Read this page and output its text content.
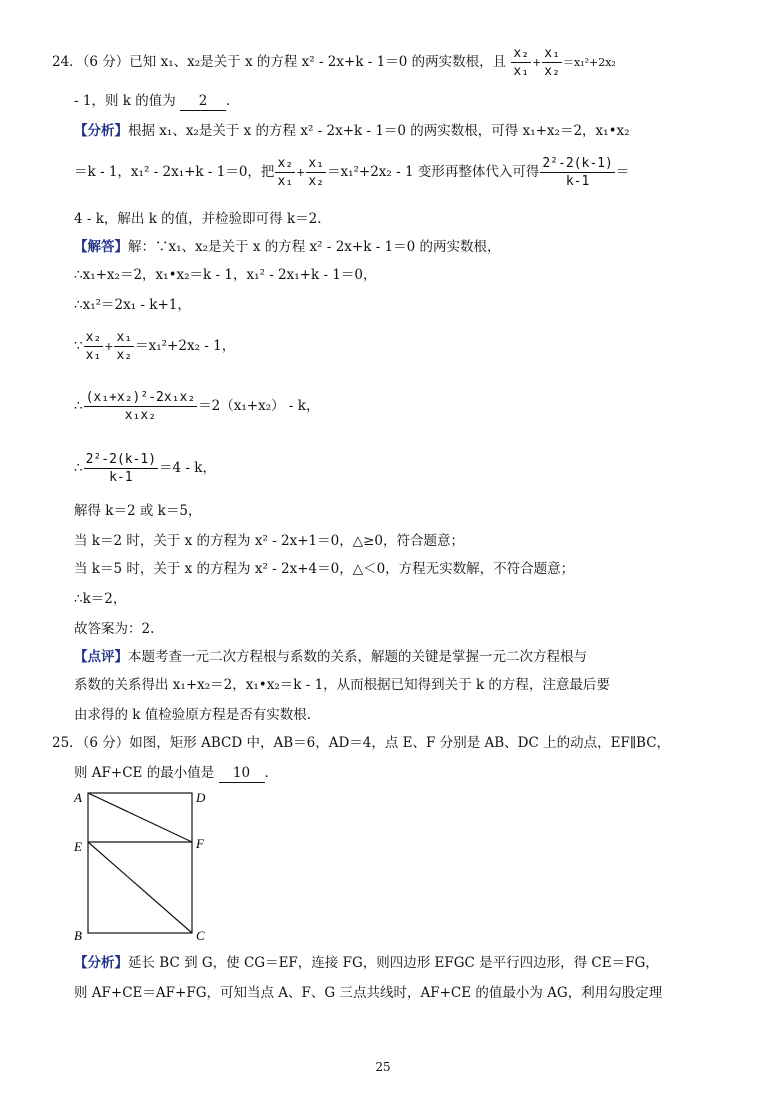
24．（6 分）已知 x₁、x₂是关于 x 的方程 x² - 2x+k - 1＝0 的两实数根，且 $\frac{\text{x₂}}{\text{x₁}} + \frac{\text{x₁}}{\text{x₂}} =x_1^2+2x_2$
- 1，则 k 的值为 2 ．
【分析】根据 x₁、x₂是关于 x 的方程 x² - 2x+k - 1＝0 的两实数根，可得 x₁+x₂＝2，x₁•x₂
＝k - 1，x₁² - 2x₁+k - 1＝0，把 $\frac{\text{x₂}}{\text{x₁}} + \frac{\text{x₁}}{\text{x₂}} =x_1^2+2x_2 - 1$ 变形再整体代入可得 $\frac{\text{2²-2(k-1)}}{k-1}$ ＝
4 - k，解出 k 的值，并检验即可得 k＝2.
【解答】解：∵x₁、x₂是关于 x 的方程 x² - 2x+k - 1＝0 的两实数根，
∴x₁+x₂＝2，x₁•x₂＝k - 1，x₁² - 2x₁+k - 1＝0，
∴x₁²＝2x₁ - k+1，
∵ $\frac{\text{x₂}}{\text{x₁}} + \frac{\text{x₁}}{\text{x₂}} =x_1^2+2x_2 - 1$，
∴ $\frac{\text{(x₁+x₂)²-2x₁x₂}}{\text{x₁x₂}} =2(x_1+x_2) - k$，
∴ $\frac{\text{2²-2(k-1)}}{k-1} =4 - k$，
解得 k＝2 或 k＝5，
当 k＝2 时，关于 x 的方程为 x² - 2x+1＝0，△≥0，符合题意；
当 k＝5 时，关于 x 的方程为 x² - 2x+4＝0，△＜0，方程无实数解，不符合题意；
∴k＝2，
故答案为：2.
【点评】本题考查一元二次方程根与系数的关系，解题的关键是掌握一元二次方程根与
系数的关系得出 x₁+x₂＝2，x₁•x₂＝k - 1，从而根据已知得到关于 k 的方程，注意最后要
由求得的 k 值检验原方程是否有实数根.
25．（6 分）如图，矩形 ABCD 中，AB＝6，AD＝4，点 E、F 分别是 AB、DC 上的动点，EF∥BC，
则 AF+CE 的最小值是 10 ．
A	D
E	F
B	C
【分析】延长 BC 到 G，使 CG＝EF，连接 FG，则四边形 EFGC 是平行四边形，得 CE＝FG，
则 AF+CE＝AF+FG，可知当点 A、F、G 三点共线时，AF+CE 的值最小为 AG，利用勾股定理
25
